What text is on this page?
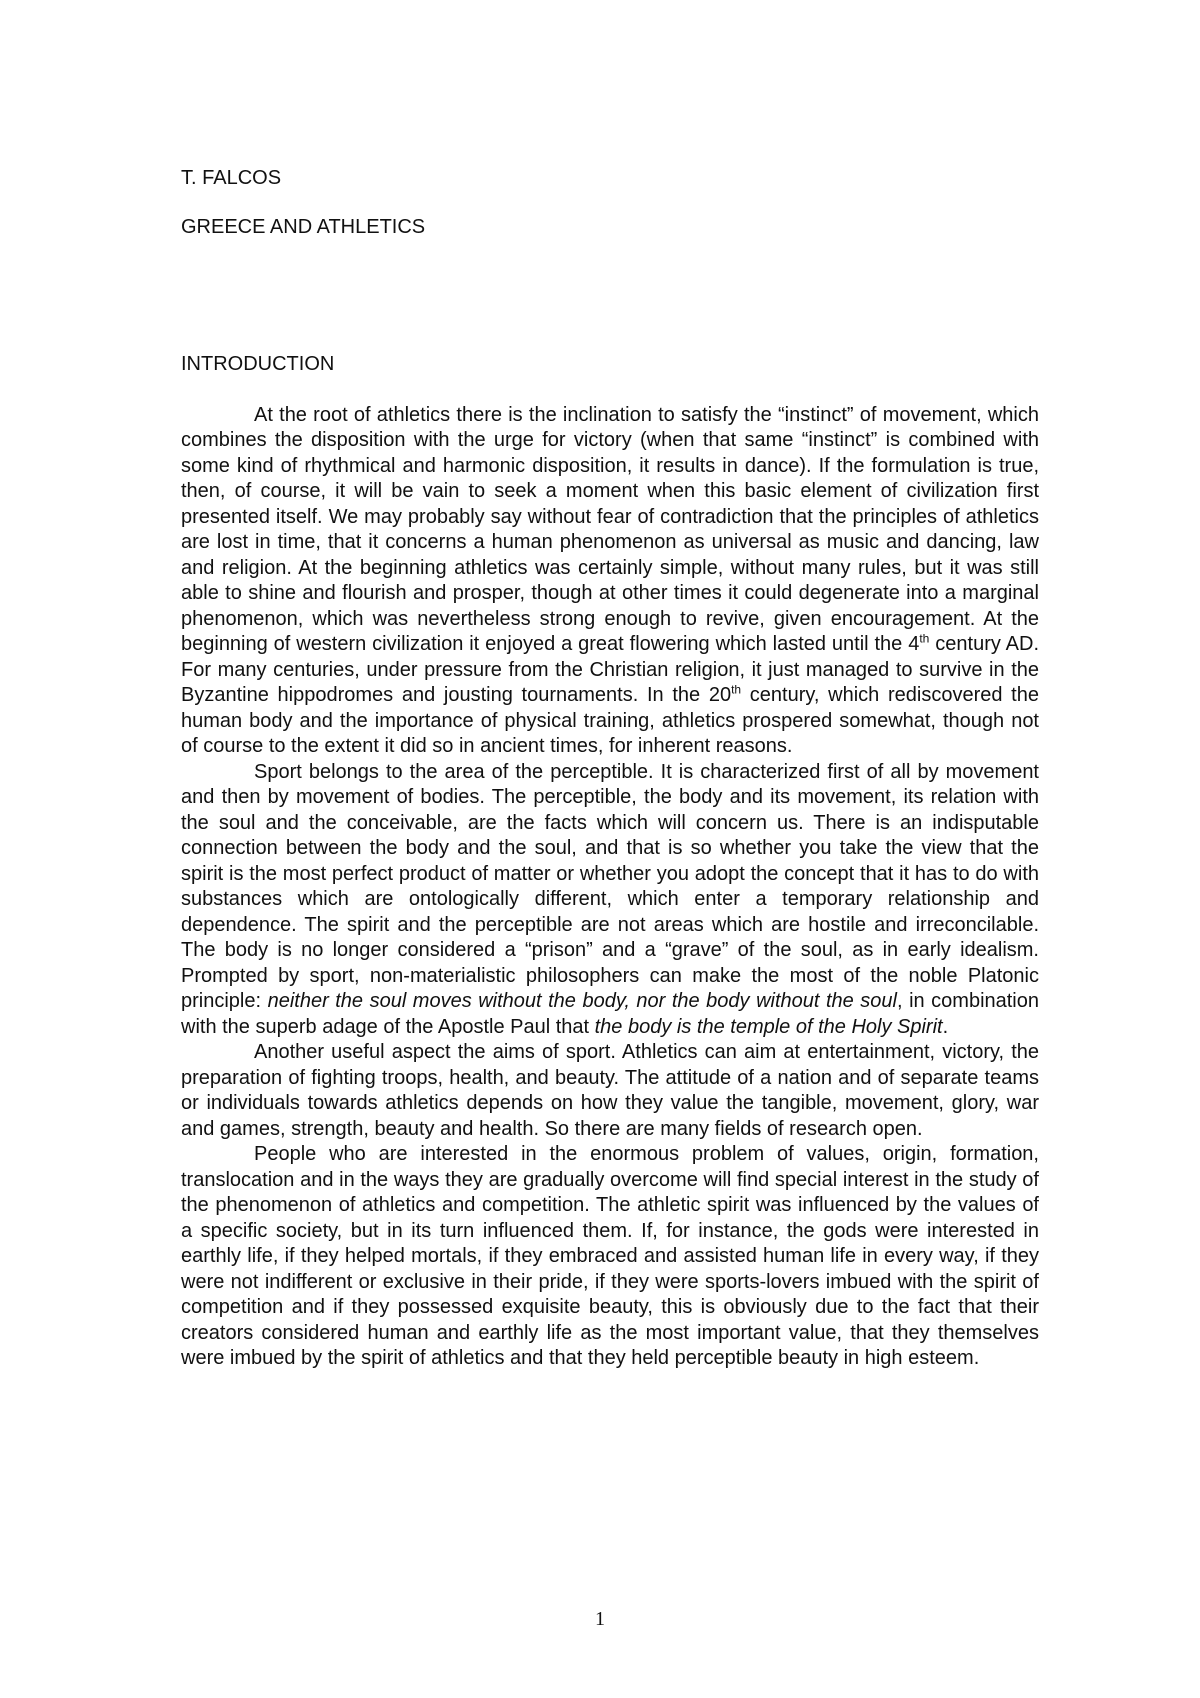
T. FALCOS
GREECE AND ATHLETICS
INTRODUCTION

At the root of athletics there is the inclination to satisfy the “instinct” of movement, which combines the disposition with the urge for victory (when that same “instinct” is combined with some kind of rhythmical and harmonic disposition, it results in dance). If the formulation is true, then, of course, it will be vain to seek a moment when this basic element of civilization first presented itself. We may probably say without fear of contradiction that the principles of athletics are lost in time, that it concerns a human phenomenon as universal as music and dancing, law and religion. At the beginning athletics was certainly simple, without many rules, but it was still able to shine and flourish and prosper, though at other times it could degenerate into a marginal phenomenon, which was nevertheless strong enough to revive, given encouragement. At the beginning of western civilization it enjoyed a great flowering which lasted until the 4th century AD. For many centuries, under pressure from the Christian religion, it just managed to survive in the Byzantine hippodromes and jousting tournaments. In the 20th century, which rediscovered the human body and the importance of physical training, athletics prospered somewhat, though not of course to the extent it did so in ancient times, for inherent reasons.

Sport belongs to the area of the perceptible. It is characterized first of all by movement and then by movement of bodies. The perceptible, the body and its movement, its relation with the soul and the conceivable, are the facts which will concern us. There is an indisputable connection between the body and the soul, and that is so whether you take the view that the spirit is the most perfect product of matter or whether you adopt the concept that it has to do with substances which are ontologically different, which enter a temporary relationship and dependence. The spirit and the perceptible are not areas which are hostile and irreconcilable. The body is no longer considered a “prison” and a “grave” of the soul, as in early idealism. Prompted by sport, non-materialistic philosophers can make the most of the noble Platonic principle: neither the soul moves without the body, nor the body without the soul, in combination with the superb adage of the Apostle Paul that the body is the temple of the Holy Spirit.

Another useful aspect the aims of sport. Athletics can aim at entertainment, victory, the preparation of fighting troops, health, and beauty. The attitude of a nation and of separate teams or individuals towards athletics depends on how they value the tangible, movement, glory, war and games, strength, beauty and health. So there are many fields of research open.

People who are interested in the enormous problem of values, origin, formation, translocation and in the ways they are gradually overcome will find special interest in the study of the phenomenon of athletics and competition. The athletic spirit was influenced by the values of a specific society, but in its turn influenced them. If, for instance, the gods were interested in earthly life, if they helped mortals, if they embraced and assisted human life in every way, if they were not indifferent or exclusive in their pride, if they were sports-lovers imbued with the spirit of competition and if they possessed exquisite beauty, this is obviously due to the fact that their creators considered human and earthly life as the most important value, that they themselves were imbued by the spirit of athletics and that they held perceptible beauty in high esteem.

1
